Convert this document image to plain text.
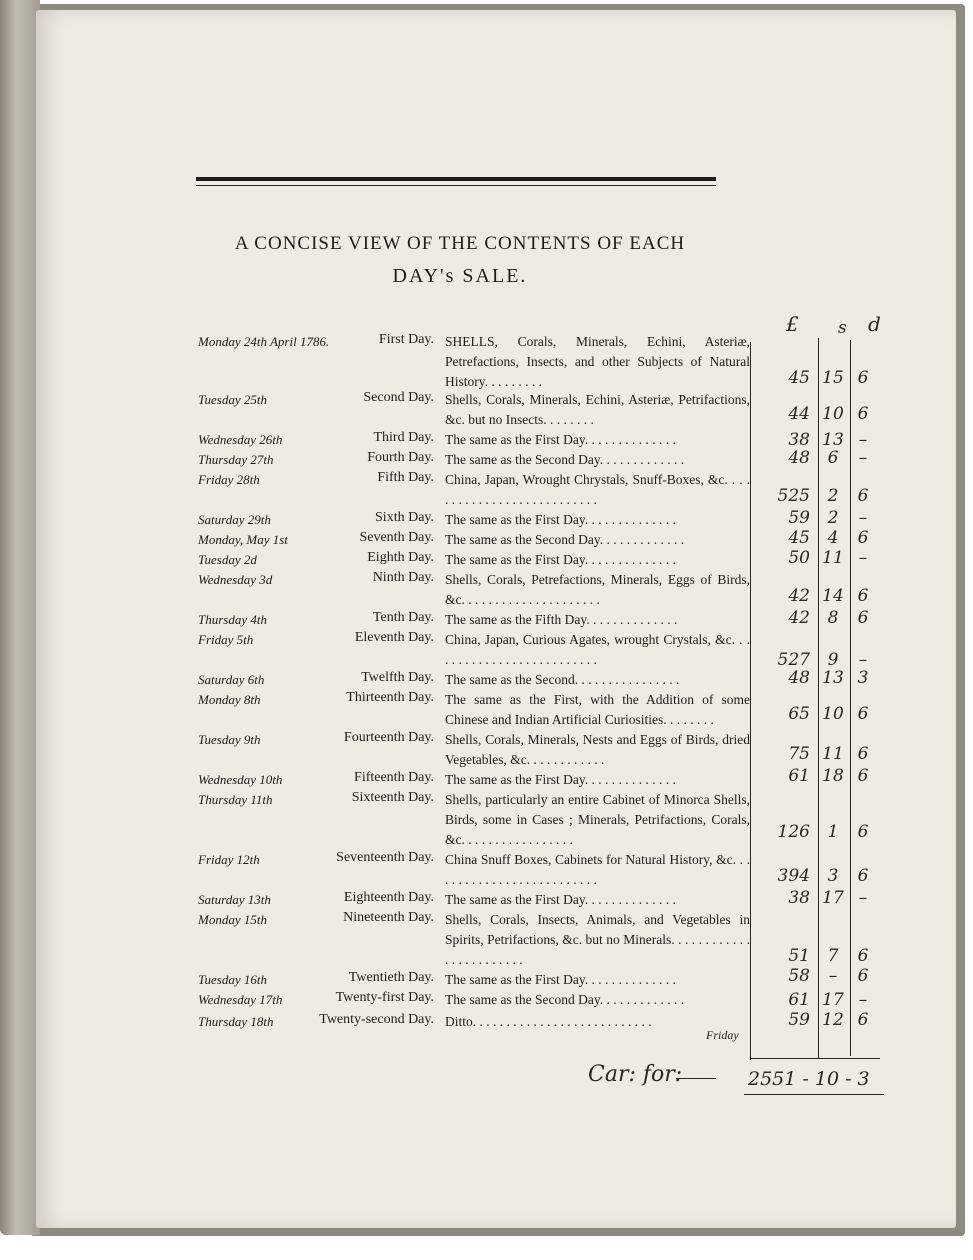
A CONCISE VIEW OF THE CONTENTS OF EACH
DAY's SALE.
£ s d
Monday 24th April 1786.	First Day. SHELLS, Corals, Minerals, Echini, Asteriæ, Petrefactions, Insects, and other Subjects of Natural History. . . . . . . . .	45 15 6
Tuesday 25th	Second Day. Shells, Corals, Minerals, Echini, Asteriæ, Petrifactions, &c. but no Insects. . . . . . . .	44 10 6
Wednesday 26th	Third Day. The same as the First Day. . . . . . . . . . . . . .	38 13 –
Thursday 27th	Fourth Day. The same as the Second Day. . . . . . . . . . . . .	48	6	–
Friday 28th	Fifth Day. China, Japan, Wrought Chrystals, Snuff-Boxes, &c. . . . . . . . . . . . . . . . . . . . . . . . . . .	525	2	6
Saturday 29th	Sixth Day. The same as the First Day. . . . . . . . . . . . . .	59	2	–
Monday, May 1st	Seventh Day. The same as the Second Day. . . . . . . . . . . . .	45	4	6
Tuesday 2d	Eighth Day. The same as the First Day. . . . . . . . . . . . . .	50 11 –
Wednesday 3d	Ninth Day. Shells, Corals, Petrefactions, Minerals, Eggs of Birds, &c. . . . . . . . . . . . . . . . . . . . .	42 14 6
Thursday 4th	Tenth Day. The same as the Fifth Day. . . . . . . . . . . . . .	42	8	6
Friday 5th	Eleventh Day. China, Japan, Curious Agates, wrought Crystals, &c. . . . . . . . . . . . . . . . . . . . . . . . . .	527	9	–
Saturday 6th	Twelfth Day. The same as the Second. . . . . . . . . . . . . . . .	48 13 3
Monday 8th	Thirteenth Day. The same as the First, with the Addition of some Chinese and Indian Artificial Curiosities. . . . . . . .	65 10 6
Tuesday 9th	Fourteenth Day. Shells, Corals, Minerals, Nests and Eggs of Birds, dried Vegetables, &c. . . . . . . . . . . .	75 11 6
Wednesday 10th	Fifteenth Day. The same as the First Day. . . . . . . . . . . . . .	61 18 6
Thursday 11th	Sixteenth Day. Shells, particularly an entire Cabinet of Minorca Shells, Birds, some in Cases ; Minerals, Petrifactions, Corals, &c. . . . . . . . . . . . . . . . .	126	1	6
Friday 12th	Seventeenth Day. China Snuff Boxes, Cabinets for Natural History, &c. . . . . . . . . . . . . . . . . . . . . . . . . .	394	3	6
Saturday 13th	Eighteenth Day. The same as the First Day. . . . . . . . . . . . . .	38 17 –
Monday 15th	Nineteenth Day. Shells, Corals, Insects, Animals, and Vegetables in Spirits, Petrifactions, &c. but no Minerals. . . . . . . . . . . . . . . . . . . . . . . .	51	7	6
Tuesday 16th	Twentieth Day. The same as the First Day. . . . . . . . . . . . . .	58	–	6
Wednesday 17th	Twenty-first Day. The same as the Second Day. . . . . . . . . . . . .	61 17 –
Thursday 18th	Twenty-second Day. Ditto. . . . . . . . . . . . . . . . . . . . . . . . . . .	59 12 6
Friday
Car: for:	2551 - 10 - 3
